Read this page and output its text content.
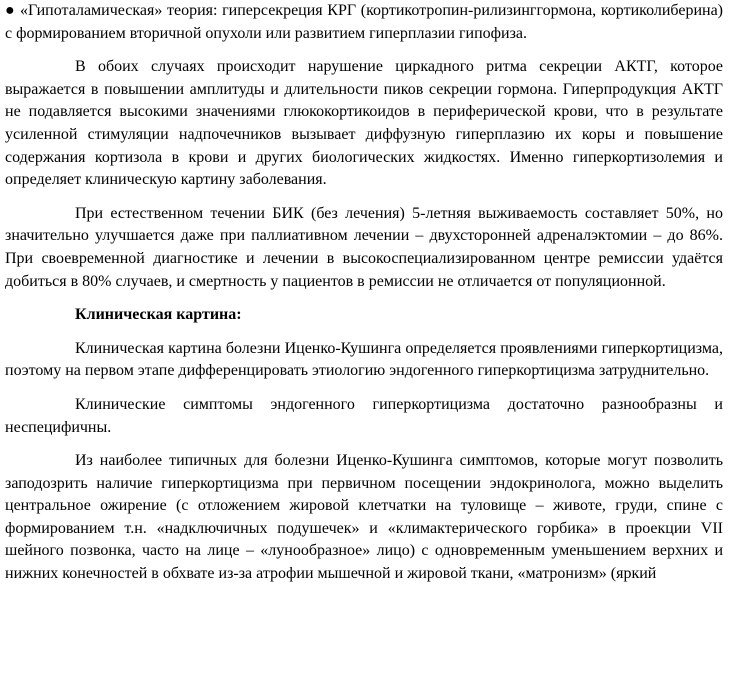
● «Гипоталамическая» теория: гиперсекреция КРГ (кортикотропин-рилизинггормона, кортиколиберина) с формированием вторичной опухоли или развитием гиперплазии гипофиза.

В обоих случаях происходит нарушение циркадного ритма секреции АКТГ, которое выражается в повышении амплитуды и длительности пиков секреции гормона. Гиперпродукция АКТГ не подавляется высокими значениями глюкокортикоидов в периферической крови, что в результате усиленной стимуляции надпочечников вызывает диффузную гиперплазию их коры и повышение содержания кортизола в крови и других биологических жидкостях. Именно гиперкортизолемия и определяет клиническую картину заболевания.

При естественном течении БИК (без лечения) 5-летняя выживаемость составляет 50%, но значительно улучшается даже при паллиативном лечении – двухсторонней адреналэктомии – до 86%. При своевременной диагностике и лечении в высокоспециализированном центре ремиссии удаётся добиться в 80% случаев, и смертность у пациентов в ремиссии не отличается от популяционной.

Клиническая картина:

Клиническая картина болезни Иценко-Кушинга определяется проявлениями гиперкортицизма, поэтому на первом этапе дифференцировать этиологию эндогенного гиперкортицизма затруднительно.

Клинические симптомы эндогенного гиперкортицизма достаточно разнообразны и неспецифичны.

Из наиболее типичных для болезни Иценко-Кушинга симптомов, которые могут позволить заподозрить наличие гиперкортицизма при первичном посещении эндокринолога, можно выделить центральное ожирение (с отложением жировой клетчатки на туловище – животе, груди, спине с формированием т.н. «надключичных подушечек» и «климактерического горбика» в проекции VII шейного позвонка, часто на лице – «лунообразное» лицо) с одновременным уменьшением верхних и нижних конечностей в обхвате из-за атрофии мышечной и жировой ткани, «матронизм» (яркий
